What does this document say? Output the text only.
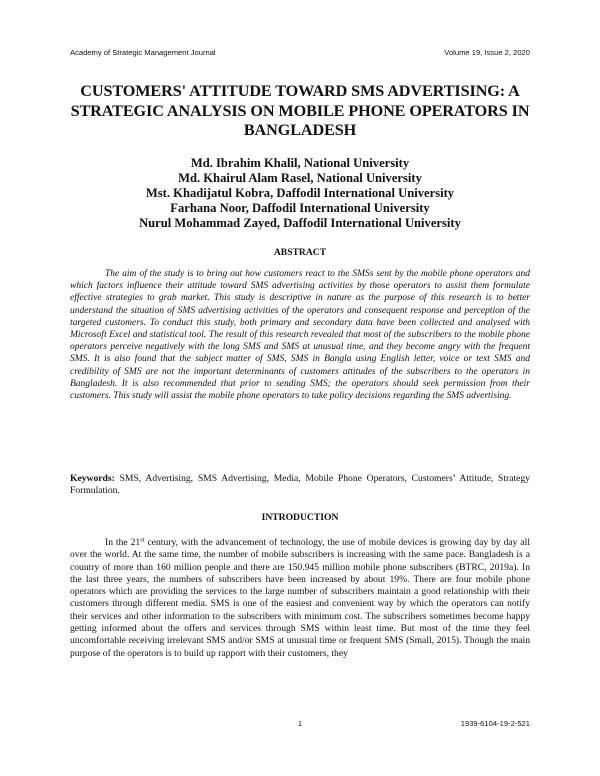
Academy of Strategic Management Journal	Volume 19, Issue 2, 2020
CUSTOMERS' ATTITUDE TOWARD SMS ADVERTISING: A STRATEGIC ANALYSIS ON MOBILE PHONE OPERATORS IN BANGLADESH
Md. Ibrahim Khalil, National University
Md. Khairul Alam Rasel, National University
Mst. Khadijatul Kobra, Daffodil International University
Farhana Noor, Daffodil International University
Nurul Mohammad Zayed, Daffodil International University
ABSTRACT
The aim of the study is to bring out how customers react to the SMSs sent by the mobile phone operators and which factors influence their attitude toward SMS advertising activities by those operators to assist them formulate effective strategies to grab market. This study is descriptive in nature as the purpose of this research is to better understand the situation of SMS advertising activities of the operators and consequent response and perception of the targeted customers. To conduct this study, both primary and secondary data have been collected and analysed with Microsoft Excel and statistical tool. The result of this research revealed that most of the subscribers to the mobile phone operators perceive negatively with the long SMS and SMS at unusual time, and they become angry with the frequent SMS. It is also found that the subject matter of SMS, SMS in Bangla using English letter, voice or text SMS and credibility of SMS are not the important determinants of customers attitudes of the subscribers to the operators in Bangladesh. It is also recommended that prior to sending SMS; the operators should seek permission from their customers. This study will assist the mobile phone operators to take policy decisions regarding the SMS advertising.
Keywords: SMS, Advertising, SMS Advertising, Media, Mobile Phone Operators, Customers’ Attitude, Strategy Formulation.
INTRODUCTION
In the 21st century, with the advancement of technology, the use of mobile devices is growing day by day all over the world. At the same time, the number of mobile subscribers is increasing with the same pace. Bangladesh is a country of more than 160 million people and there are 150.945 million mobile phone subscribers (BTRC, 2019a). In the last three years, the numbers of subscribers have been increased by about 19%. There are four mobile phone operators which are providing the services to the large number of subscribers maintain a good relationship with their customers through different media. SMS is one of the easiest and convenient way by which the operators can notify their services and other information to the subscribers with minimum cost. The subscribers sometimes become happy getting informed about the offers and services through SMS within least time. But most of the time they feel uncomfortable receiving irrelevant SMS and/or SMS at unusual time or frequent SMS (Small, 2015). Though the main purpose of the operators is to build up rapport with their customers, they
1	1939-6104-19-2-521
